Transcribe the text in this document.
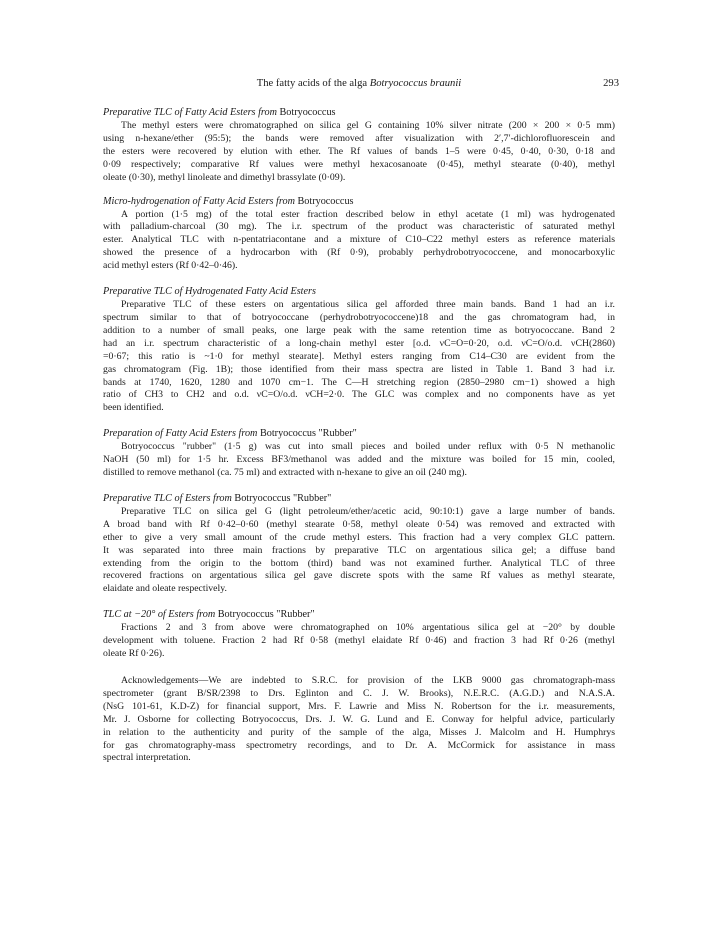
The fatty acids of the alga Botryococcus braunii	293
Preparative TLC of Fatty Acid Esters from Botryococcus
The methyl esters were chromatographed on silica gel G containing 10% silver nitrate (200 × 200 × 0·5 mm)
using n-hexane/ether (95:5); the bands were removed after visualization with 2′,7′-dichlorofluorescein and
the esters were recovered by elution with ether. The Rf values of bands 1–5 were 0·45, 0·40, 0·30, 0·18 and
0·09 respectively; comparative Rf values were methyl hexacosanoate (0·45), methyl stearate (0·40), methyl
oleate (0·30), methyl linoleate and dimethyl brassylate (0·09).
Micro-hydrogenation of Fatty Acid Esters from Botryococcus
A portion (1·5 mg) of the total ester fraction described below in ethyl acetate (1 ml) was hydrogenated
with palladium-charcoal (30 mg). The i.r. spectrum of the product was characteristic of saturated methyl
ester. Analytical TLC with n-pentatriacontane and a mixture of C10–C22 methyl esters as reference materials
showed the presence of a hydrocarbon with (Rf 0·9), probably perhydrobotryococcene, and monocarboxylic
acid methyl esters (Rf 0·42–0·46).
Preparative TLC of Hydrogenated Fatty Acid Esters
Preparative TLC of these esters on argentatious silica gel afforded three main bands. Band 1 had an i.r.
spectrum similar to that of botryococcane (perhydrobotryococcene)18 and the gas chromatogram had, in
addition to a number of small peaks, one large peak with the same retention time as botryococcane. Band 2
had an i.r. spectrum characteristic of a long-chain methyl ester [o.d. νC=O=0·20, o.d. νC=O/o.d. νCH(2860)
=0·67; this ratio is ~1·0 for methyl stearate]. Methyl esters ranging from C14–C30 are evident from the
gas chromatogram (Fig. 1B); those identified from their mass spectra are listed in Table 1. Band 3 had i.r.
bands at 1740, 1620, 1280 and 1070 cm−1. The C—H stretching region (2850–2980 cm−1) showed a high
ratio of CH3 to CH2 and o.d. νC=O/o.d. νCH=2·0. The GLC was complex and no components have as yet
been identified.
Preparation of Fatty Acid Esters from Botryococcus "Rubber"
Botryococcus "rubber" (1·5 g) was cut into small pieces and boiled under reflux with 0·5 N methanolic
NaOH (50 ml) for 1·5 hr. Excess BF3/methanol was added and the mixture was boiled for 15 min, cooled,
distilled to remove methanol (ca. 75 ml) and extracted with n-hexane to give an oil (240 mg).
Preparative TLC of Esters from Botryococcus "Rubber"
Preparative TLC on silica gel G (light petroleum/ether/acetic acid, 90:10:1) gave a large number of bands.
A broad band with Rf 0·42–0·60 (methyl stearate 0·58, methyl oleate 0·54) was removed and extracted with
ether to give a very small amount of the crude methyl esters. This fraction had a very complex GLC pattern.
It was separated into three main fractions by preparative TLC on argentatious silica gel; a diffuse band
extending from the origin to the bottom (third) band was not examined further. Analytical TLC of three
recovered fractions on argentatious silica gel gave discrete spots with the same Rf values as methyl stearate,
elaidate and oleate respectively.
TLC at −20° of Esters from Botryococcus "Rubber"
Fractions 2 and 3 from above were chromatographed on 10% argentatious silica gel at −20° by double
development with toluene. Fraction 2 had Rf 0·58 (methyl elaidate Rf 0·46) and fraction 3 had Rf 0·26 (methyl
oleate Rf 0·26).
Acknowledgements—We are indebted to S.R.C. for provision of the LKB 9000 gas chromatograph-mass
spectrometer (grant B/SR/2398 to Drs. Eglinton and C. J. W. Brooks), N.E.R.C. (A.G.D.) and N.A.S.A.
(NsG 101-61, K.D-Z) for financial support, Mrs. F. Lawrie and Miss N. Robertson for the i.r. measurements,
Mr. J. Osborne for collecting Botryococcus, Drs. J. W. G. Lund and E. Conway for helpful advice, particularly
in relation to the authenticity and purity of the sample of the alga, Misses J. Malcolm and H. Humphrys
for gas chromatography-mass spectrometry recordings, and to Dr. A. McCormick for assistance in mass
spectral interpretation.
